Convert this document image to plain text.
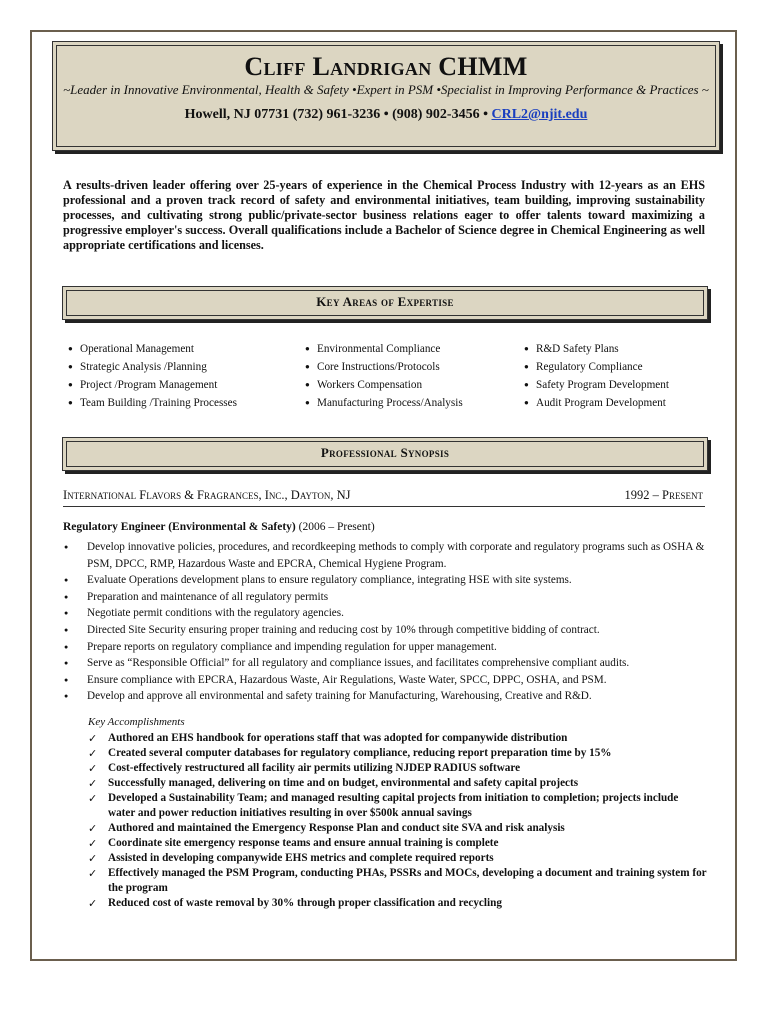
Cliff Landrigan CHMM
~Leader in Innovative Environmental, Health & Safety •Expert in PSM •Specialist in Improving Performance & Practices ~
Howell, NJ 07731 (732) 961-3236 • (908) 902-3456 • CRL2@njit.edu
A results-driven leader offering over 25-years of experience in the Chemical Process Industry with 12-years as an EHS professional and a proven track record of safety and environmental initiatives, team building, improving sustainability processes, and cultivating strong public/private-sector business relations eager to offer talents toward maximizing a progressive employer's success. Overall qualifications include a Bachelor of Science degree in Chemical Engineering as well appropriate certifications and licenses.
Key Areas of Expertise
● Operational Management
● Strategic Analysis /Planning
● Project /Program Management
● Team Building /Training Processes
● Environmental Compliance
● Core Instructions/Protocols
● Workers Compensation
● Manufacturing Process/Analysis
● R&D Safety Plans
● Regulatory Compliance
● Safety Program Development
● Audit Program Development
Professional Synopsis
International Flavors & Fragrances, Inc., Dayton, NJ	1992 – Present
Regulatory Engineer (Environmental & Safety) (2006 – Present)
● Develop innovative policies, procedures, and recordkeeping methods to comply with corporate and regulatory programs such as OSHA & PSM, DPCC, RMP, Hazardous Waste and EPCRA, Chemical Hygiene Program.
● Evaluate Operations development plans to ensure regulatory compliance, integrating HSE with site systems.
● Preparation and maintenance of all regulatory permits
● Negotiate permit conditions with the regulatory agencies.
● Directed Site Security ensuring proper training and reducing cost by 10% through competitive bidding of contract.
● Prepare reports on regulatory compliance and impending regulation for upper management.
● Serve as “Responsible Official” for all regulatory and compliance issues, and facilitates comprehensive compliant audits.
● Ensure compliance with EPCRA, Hazardous Waste, Air Regulations, Waste Water, SPCC, DPPC, OSHA, and PSM.
● Develop and approve all environmental and safety training for Manufacturing, Warehousing, Creative and R&D.
Key Accomplishments
✓ Authored an EHS handbook for operations staff that was adopted for companywide distribution
✓ Created several computer databases for regulatory compliance, reducing report preparation time by 15%
✓ Cost-effectively restructured all facility air permits utilizing NJDEP RADIUS software
✓ Successfully managed, delivering on time and on budget, environmental and safety capital projects
✓ Developed a Sustainability Team; and managed resulting capital projects from initiation to completion; projects include water and power reduction initiatives resulting in over $500k annual savings
✓ Authored and maintained the Emergency Response Plan and conduct site SVA and risk analysis
✓ Coordinate site emergency response teams and ensure annual training is complete
✓ Assisted in developing companywide EHS metrics and complete required reports
✓ Effectively managed the PSM Program, conducting PHAs, PSSRs and MOCs, developing a document and training system for the program
✓ Reduced cost of waste removal by 30% through proper classification and recycling
